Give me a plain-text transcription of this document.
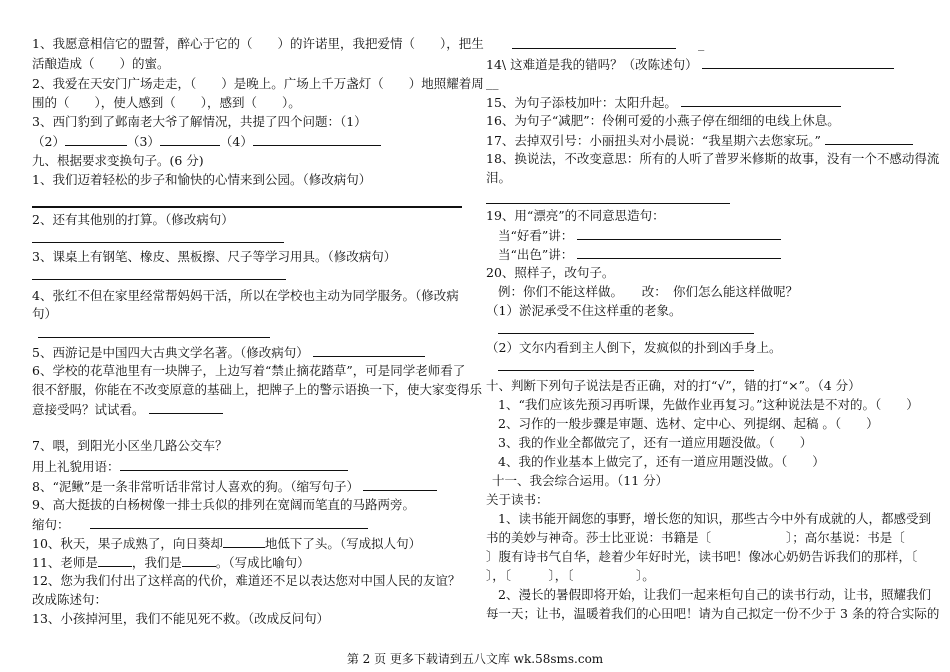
1、我愿意相信它的盟誓，醉心于它的（　　）的许诺里，我把爱情（　　），把生
活酿造成（　　）的蜜。
2、我爱在天安门广场走走，（　　）是晚上。广场上千万盏灯（　　）地照耀着周
围的（　　），使人感到（　　），感到（　　）。
3、西门豹到了邺南老大爷了解情况，共提了四个问题：（1）
（2）	（3）	（4）
九、根据要求变换句子。(6 分)
1、我们迈着轻松的步子和愉快的心情来到公园。（修改病句）
2、还有其他别的打算。（修改病句）
3、课桌上有钢笔、橡皮、黑板擦、尺子等学习用具。（修改病句）
4、张红不但在家里经常帮妈妈干活，所以在学校也主动为同学服务。（修改病
句）
5、西游记是中国四大古典文学名著。（修改病句）
6、学校的花草池里有一块牌子，上边写着“禁止摘花踏草”，可是同学老师看了
很不舒服，你能在不改变原意的基础上，把牌子上的警示语换一下，使大家变得乐
意接受吗？试试看。
7、喂，到阳光小区坐几路公交车？
用上礼貌用语：
8、“泥鳅”是一条非常听话非常讨人喜欢的狗。（缩写句子）
9、高大挺拔的白杨树像一排士兵似的排列在宽阔而笔直的马路两旁。
缩句：
10、秋天，果子成熟了，向日葵却	地低下了头。（写成拟人句）
11、老师是	，我们是	。（写成比喻句）
12、您为我们付出了这样高的代价，难道还不足以表达您对中国人民的友谊？
改成陈述句：
13、小孩掉河里，我们不能见死不救。（改成反问句）
_
14\ 这难道是我的错吗？（改陈述句）
__
15、为句子添枝加叶：太阳升起。
16、为句子“减肥”：伶俐可爱的小燕子停在细细的电线上休息。
17、去掉双引号：小丽扭头对小晨说：“我星期六去您家玩。”
18、换说法，不改变意思：所有的人听了普罗米修斯的故事，没有一个不感动得流
泪。
19、用“漂亮”的不同意思造句：
当“好看”讲：
当“出色”讲：
20、照样子，改句子。
例：你们不能这样做。　　改：　你们怎么能这样做呢？
（1）淤泥承受不住这样重的老象。
（2）文尔内看到主人倒下，发疯似的扑到凶手身上。
十、判断下列句子说法是否正确，对的打“√”，错的打“×”。（4 分）
1、“我们应该先预习再听课，先做作业再复习。”这种说法是不对的。（　　）
2、习作的一般步骤是审题、选材、定中心、列提纲、起稿 。（　　）
3、我的作业全都做完了，还有一道应用题没做。（　　）
4、我的作业基本上做完了，还有一道应用题没做。（　　）
十一、我会综合运用。（11 分）
关于读书：
1、读书能开阔您的事野，增长您的知识，那些古今中外有成就的人，都感受到
书的美妙与神奇。莎士比亚说：书籍是〔　　　　　　〕；高尔基说：书是〔
〕腹有诗书气自华，趁着少年好时光，读书吧！像冰心奶奶告诉我们的那样，〔
〕，〔　　　〕，〔　　　　　〕。
2、漫长的暑假即将开始，让我们一起来柜句自己的读书行动，让书，照耀我们
每一天；让书，温暖着我们的心田吧！请为自己拟定一份不少于 3 条的符合实际的
第 2 页 更多下载请到五八文库 wk.58sms.com
